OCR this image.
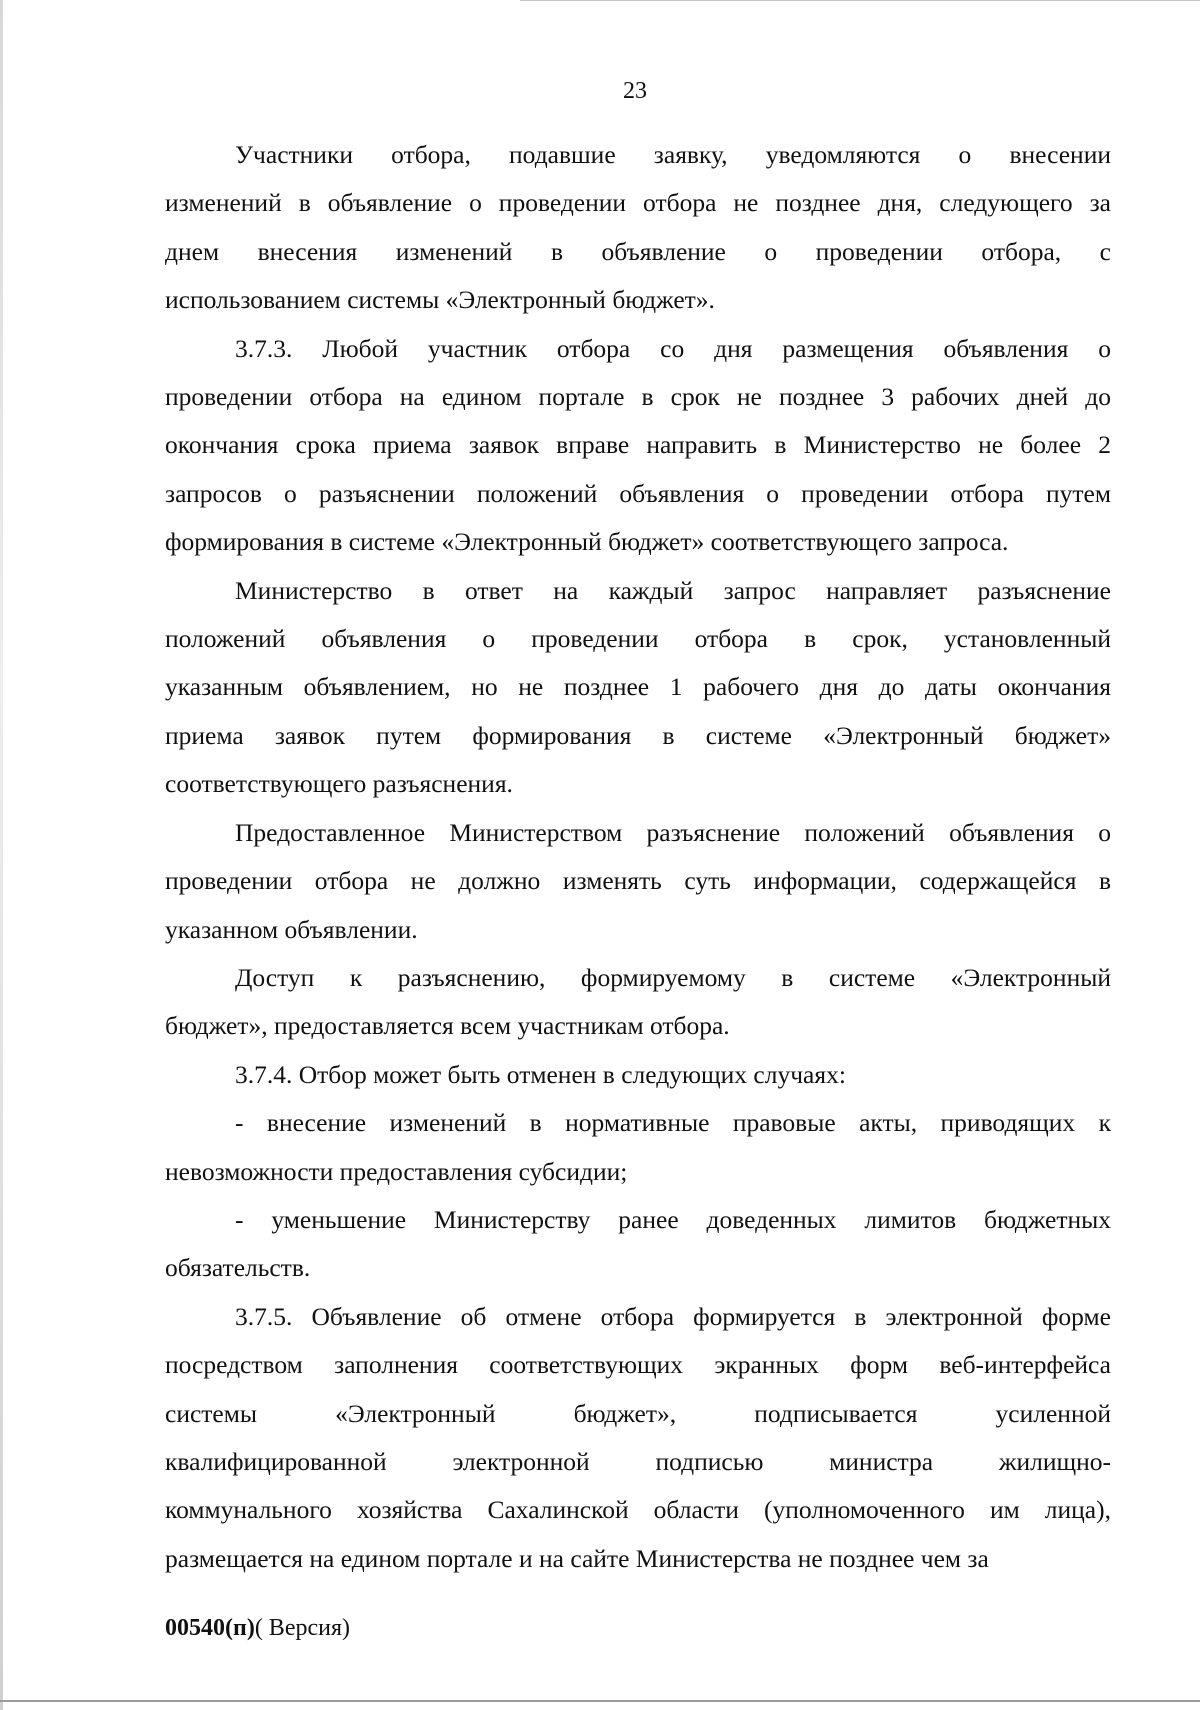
23
Участники отбора, подавшие заявку, уведомляются о внесении
изменений в объявление о проведении отбора не позднее дня, следующего за
днем внесения изменений в объявление о проведении отбора, с
использованием системы «Электронный бюджет».
3.7.3. Любой участник отбора со дня размещения объявления о
проведении отбора на едином портале в срок не позднее 3 рабочих дней до
окончания срока приема заявок вправе направить в Министерство не более 2
запросов о разъяснении положений объявления о проведении отбора путем
формирования в системе «Электронный бюджет» соответствующего запроса.
Министерство в ответ на каждый запрос направляет разъяснение
положений объявления о проведении отбора в срок, установленный
указанным объявлением, но не позднее 1 рабочего дня до даты окончания
приема заявок путем формирования в системе «Электронный бюджет»
соответствующего разъяснения.
Предоставленное Министерством разъяснение положений объявления о
проведении отбора не должно изменять суть информации, содержащейся в
указанном объявлении.
Доступ к разъяснению, формируемому в системе «Электронный
бюджет», предоставляется всем участникам отбора.
3.7.4. Отбор может быть отменен в следующих случаях:
- внесение изменений в нормативные правовые акты, приводящих к
невозможности предоставления субсидии;
- уменьшение Министерству ранее доведенных лимитов бюджетных
обязательств.
3.7.5. Объявление об отмене отбора формируется в электронной форме
посредством заполнения соответствующих экранных форм веб-интерфейса
системы «Электронный бюджет», подписывается усиленной
квалифицированной электронной подписью министра жилищно-
коммунального хозяйства Сахалинской области (уполномоченного им лица),
размещается на едином портале и на сайте Министерства не позднее чем за
00540(п)( Версия)
